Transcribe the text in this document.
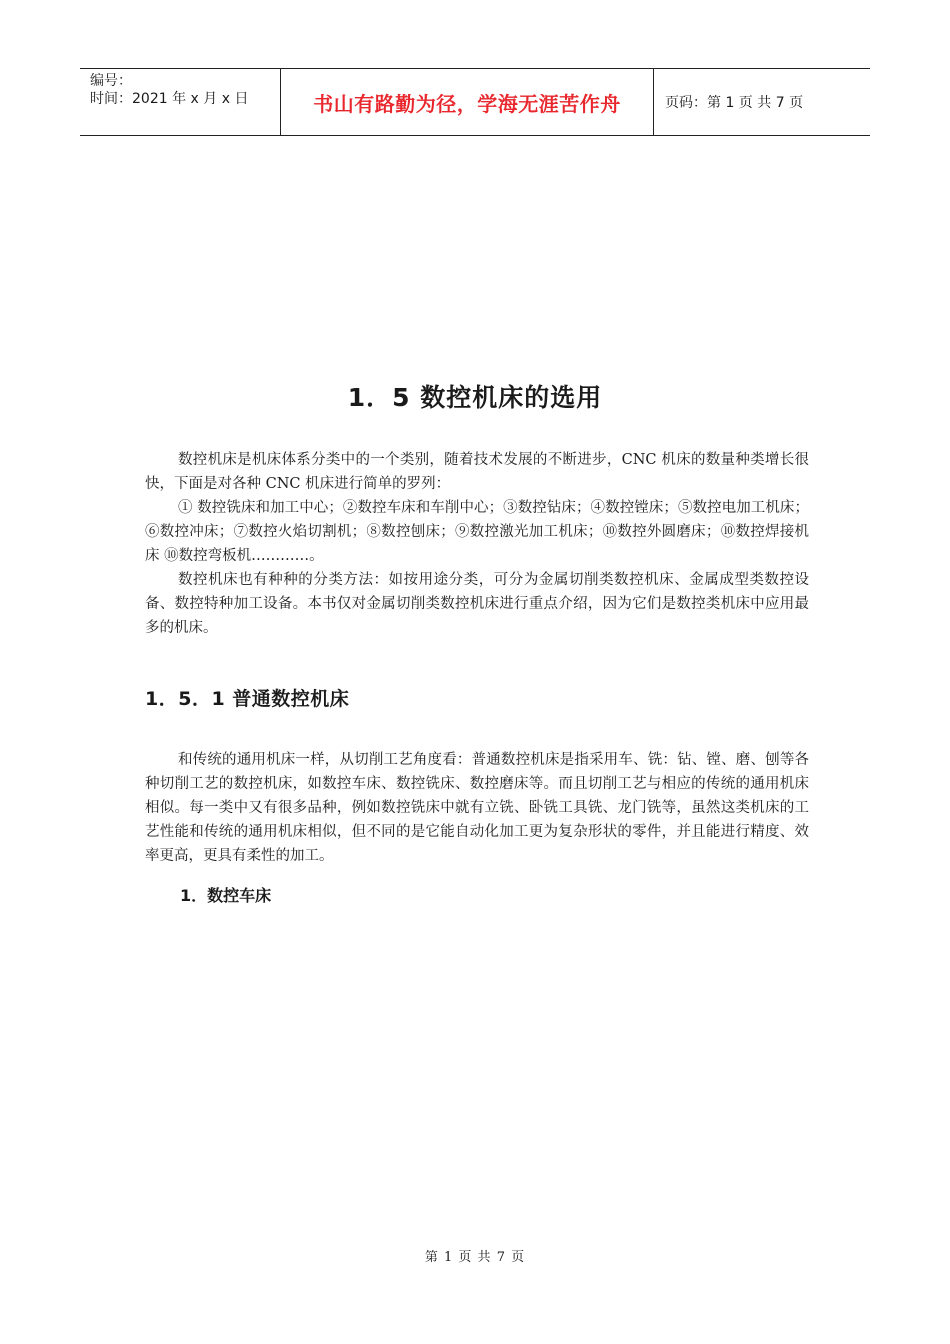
编号：
时间：2021 年 x 月 x 日	书山有路勤为径，学海无涯苦作舟	页码：第 1 页 共 7 页
1．5 数控机床的选用

数控机床是机床体系分类中的一个类别，随着技术发展的不断进步，CNC 机床的数量种类增长很快，下面是对各种 CNC 机床进行简单的罗列：

① 数控铣床和加工中心；②数控车床和车削中心；③数控钻床；④数控镗床；⑤数控电加工机床；⑥数控冲床；⑦数控火焰切割机；⑧数控刨床；⑨数控激光加工机床；⑩数控外圆磨床；⑩数控焊接机床 ⑩数控弯板机…………。

数控机床也有种种的分类方法：如按用途分类，可分为金属切削类数控机床、金属成型类数控设备、数控特种加工设备。本书仅对金属切削类数控机床进行重点介绍，因为它们是数控类机床中应用最多的机床。

1．5．1 普通数控机床

和传统的通用机床一样，从切削工艺角度看：普通数控机床是指采用车、铣：钻、镗、磨、刨等各种切削工艺的数控机床，如数控车床、数控铣床、数控磨床等。而且切削工艺与相应的传统的通用机床相似。每一类中又有很多品种，例如数控铣床中就有立铣、卧铣工具铣、龙门铣等，虽然这类机床的工艺性能和传统的通用机床相似，但不同的是它能自动化加工更为复杂形状的零件，并且能进行精度、效率更高，更具有柔性的加工。

1．数控车床
第 1 页 共 7 页
